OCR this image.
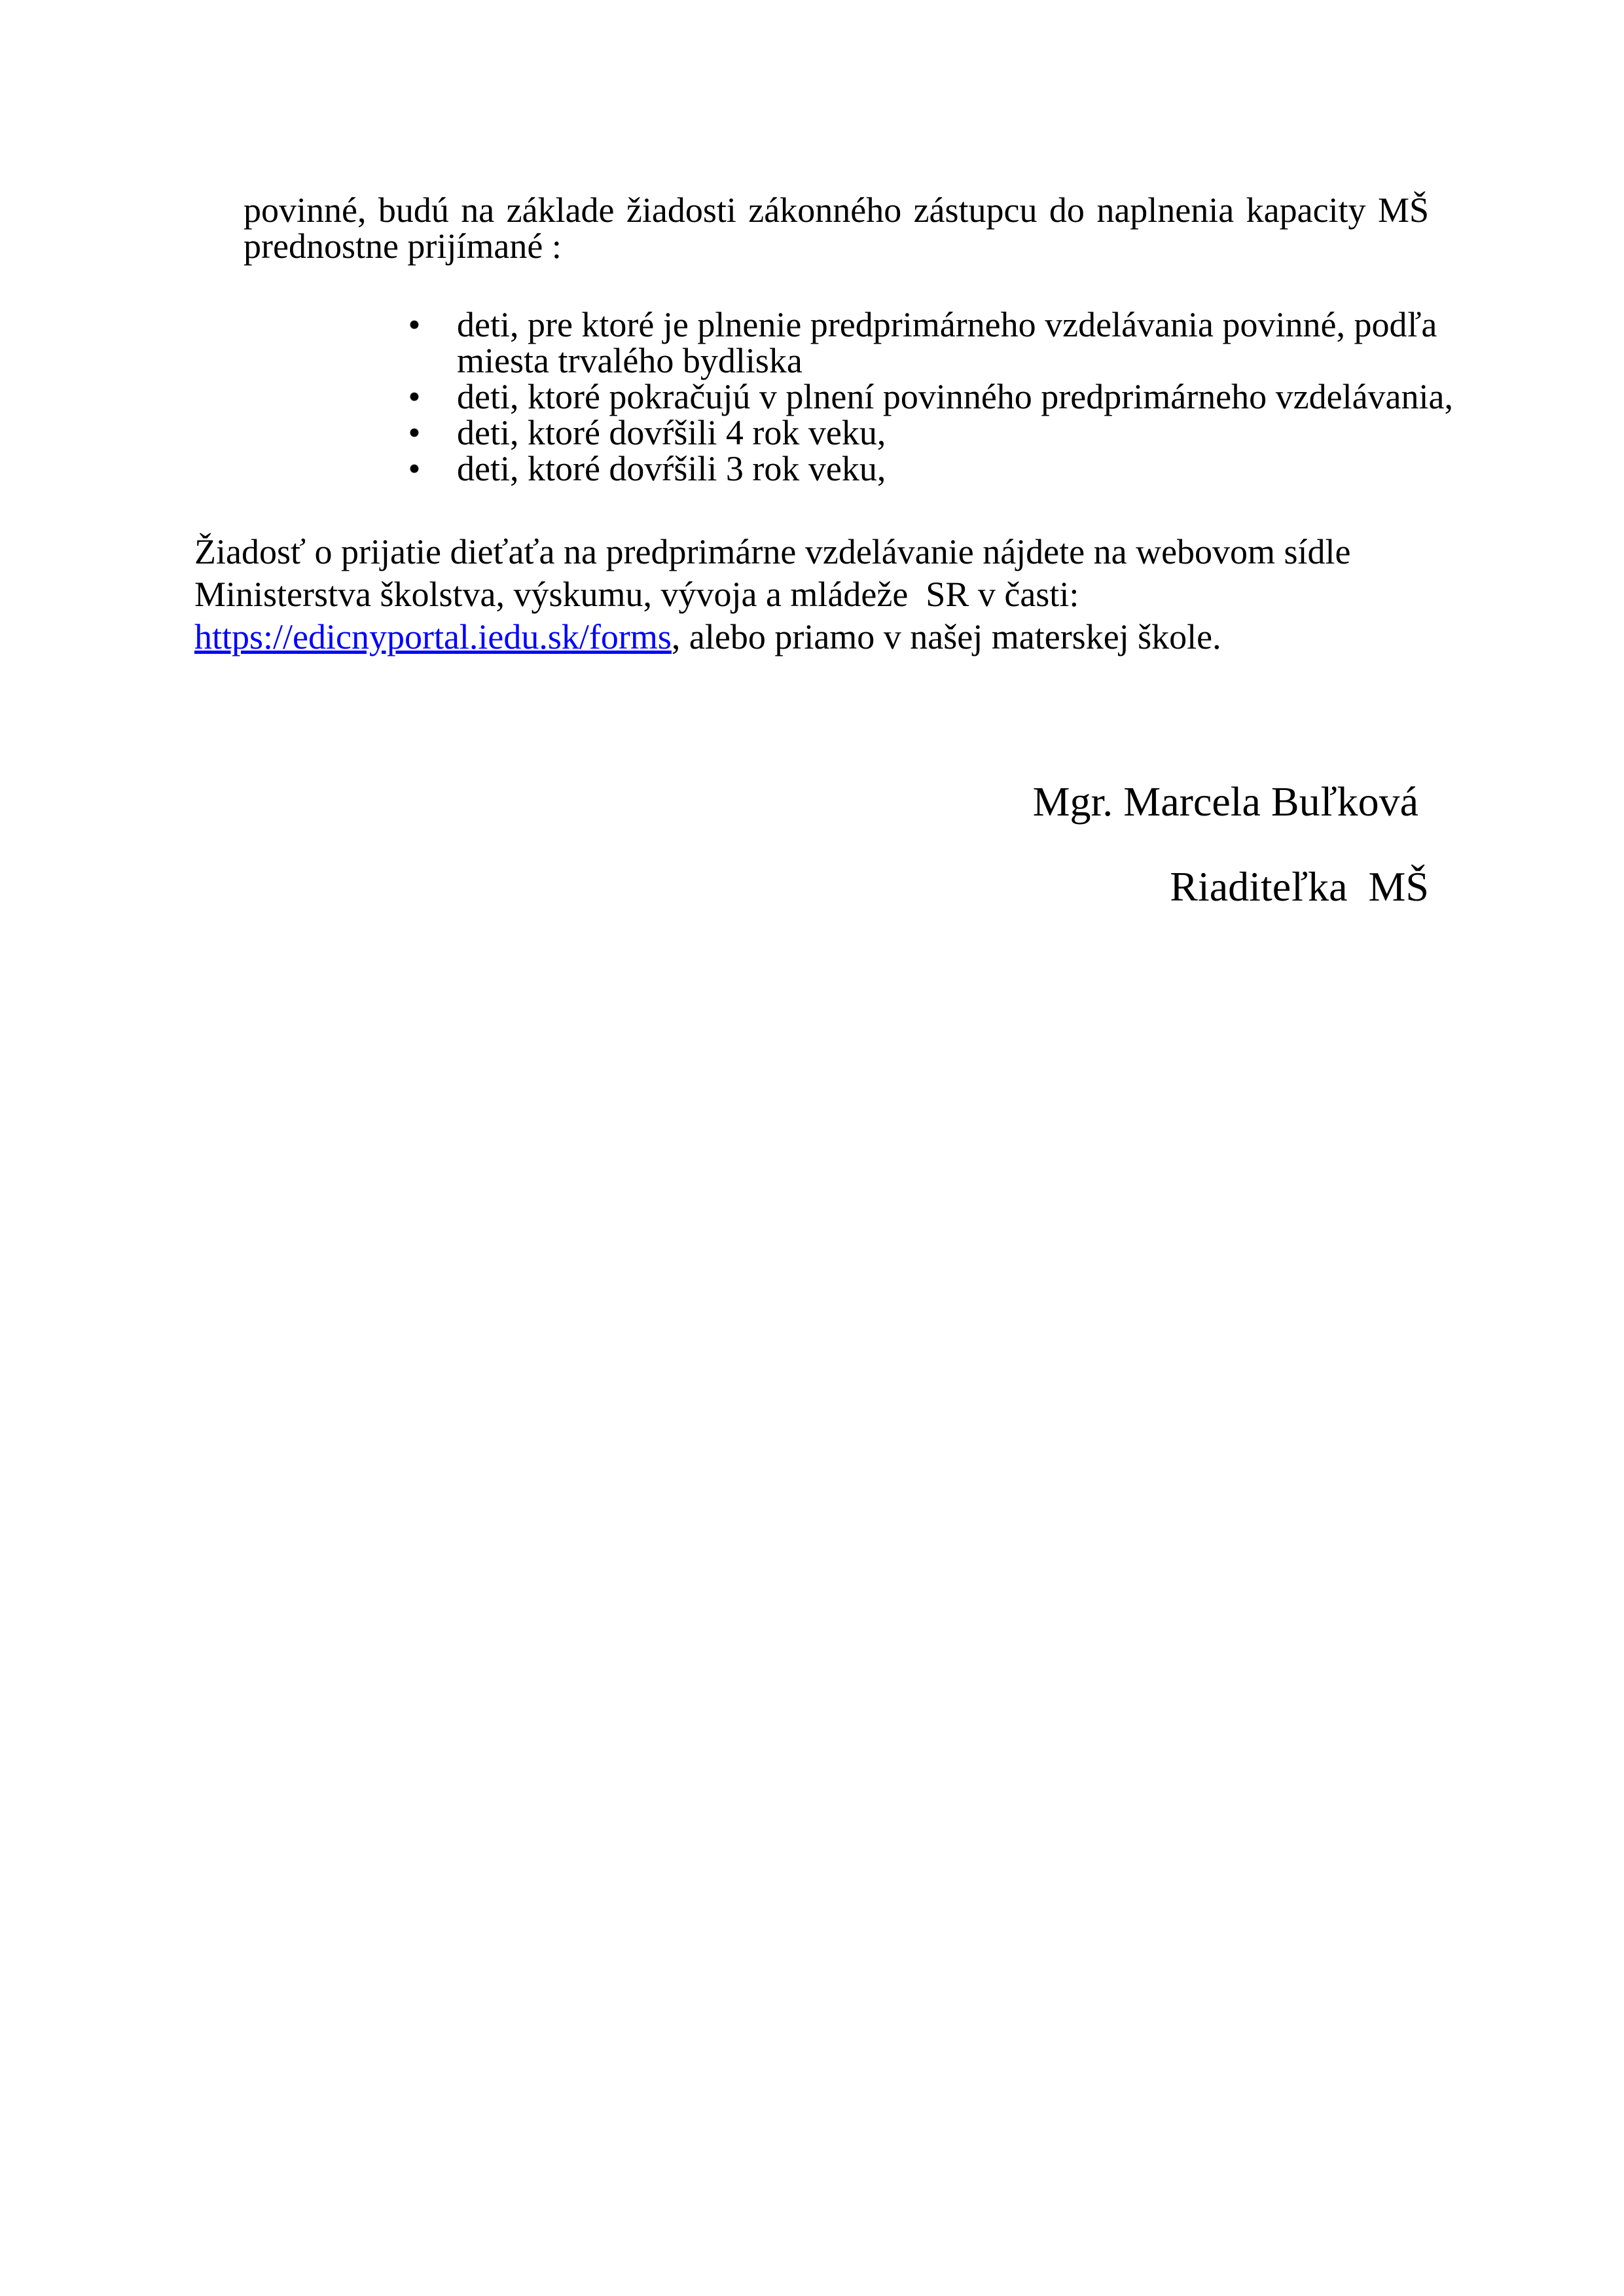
povinné, budú na základe žiadosti zákonného zástupcu do naplnenia kapacity MŠ
prednostne prijímané :
• deti, pre ktoré je plnenie predprimárneho vzdelávania povinné, podľa
miesta trvalého bydliska
• deti, ktoré pokračujú v plnení povinného predprimárneho vzdelávania,
• deti, ktoré dovŕšili 4 rok veku,
• deti, ktoré dovŕšili 3 rok veku,
Žiadosť o prijatie dieťaťa na predprimárne vzdelávanie nájdete na webovom sídle
Ministerstva školstva, výskumu, vývoja a mládeže  SR v časti:
https://edicnyportal.iedu.sk/forms, alebo priamo v našej materskej škole.
Mgr. Marcela Buľková
Riaditeľka  MŠ
